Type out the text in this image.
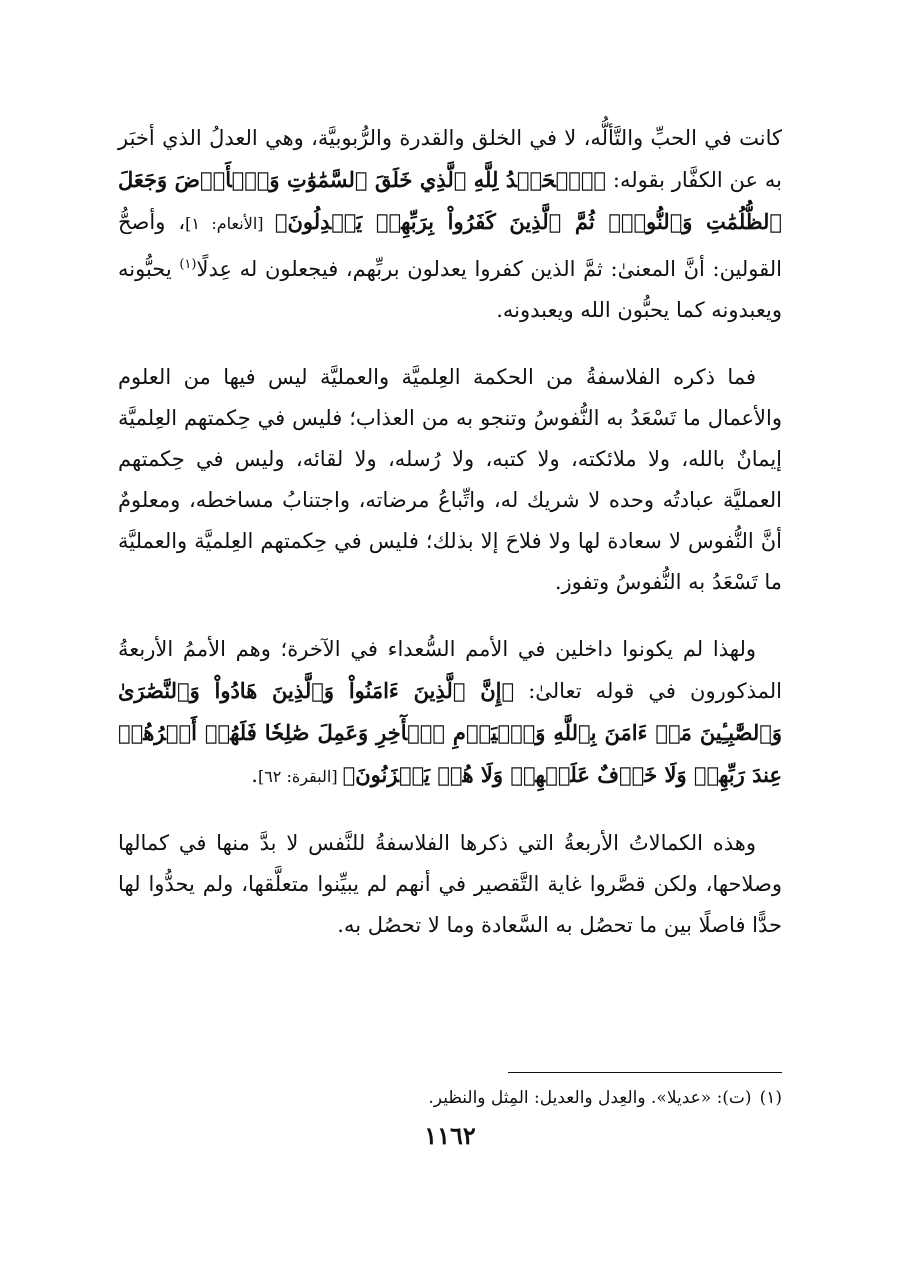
كانت في الحبِّ والتَّألُّه، لا في الخلق والقدرة والرُّبوبيَّة، وهي العدلُ الذي أخبَر به عن الكفَّار بقوله: ﴿ٱلۡحَمۡدُ لِلَّهِ ٱلَّذِي خَلَقَ ٱلسَّمَٰوَٰتِ وَٱلۡأَرۡضَ وَجَعَلَ ٱلظُّلُمَٰتِ وَٱلنُّورَۖ ثُمَّ ٱلَّذِينَ كَفَرُواْ بِرَبِّهِمۡ يَعۡدِلُونَ﴾ [الأنعام: ١]، وأصحُّ القولين: أنَّ المعنىٰ: ثمَّ الذين كفروا يعدلون بربِّهم، فيجعلون له عِدلًا$^{(١)}$ يحبُّونه ويعبدونه كما يحبُّون الله ويعبدونه.

فما ذكره الفلاسفةُ من الحكمة العِلميَّة والعمليَّة ليس فيها من العلوم والأعمال ما تَسْعَدُ به النُّفوسُ وتنجو به من العذاب؛ فليس في حِكمتهم العِلميَّة إيمانٌ بالله، ولا ملائكته، ولا كتبه، ولا رُسله، ولا لقائه، وليس في حِكمتهم العمليَّة عبادتُه وحده لا شريك له، واتِّباعُ مرضاته، واجتنابُ مساخطه، ومعلومٌ أنَّ النُّفوس لا سعادة لها ولا فلاحَ إلا بذلك؛ فليس في حِكمتهم العِلميَّة والعمليَّة ما تَسْعَدُ به النُّفوسُ وتفوز.

ولهذا لم يكونوا داخلين في الأمم السُّعداء في الآخرة؛ وهم الأممُ الأربعةُ المذكورون في قوله تعالىٰ: ﴿إِنَّ ٱلَّذِينَ ءَامَنُواْ وَٱلَّذِينَ هَادُواْ وَٱلنَّصَٰرَىٰ وَٱلصَّٰبِـِٔينَ مَنۡ ءَامَنَ بِٱللَّهِ وَٱلۡيَوۡمِ ٱلۡأٓخِرِ وَعَمِلَ صَٰلِحٗا فَلَهُمۡ أَجۡرُهُمۡ عِندَ رَبِّهِمۡ وَلَا خَوۡفٌ عَلَيۡهِمۡ وَلَا هُمۡ يَحۡزَنُونَ﴾ [البقرة: ٦٢].

وهذه الكمالاتُ الأربعةُ التي ذكرها الفلاسفةُ للنَّفس لا بدَّ منها في كمالها وصلاحها، ولكن قصَّروا غاية التَّقصير في أنهم لم يبيِّنوا متعلَّقها، ولم يحدُّوا لها حدًّا فاصلًا بين ما تحصُل به السَّعادة وما لا تحصُل به.

(١)(ت): «عديلا». والعِدل والعديل: المِثل والنظير.
١١٦٢
